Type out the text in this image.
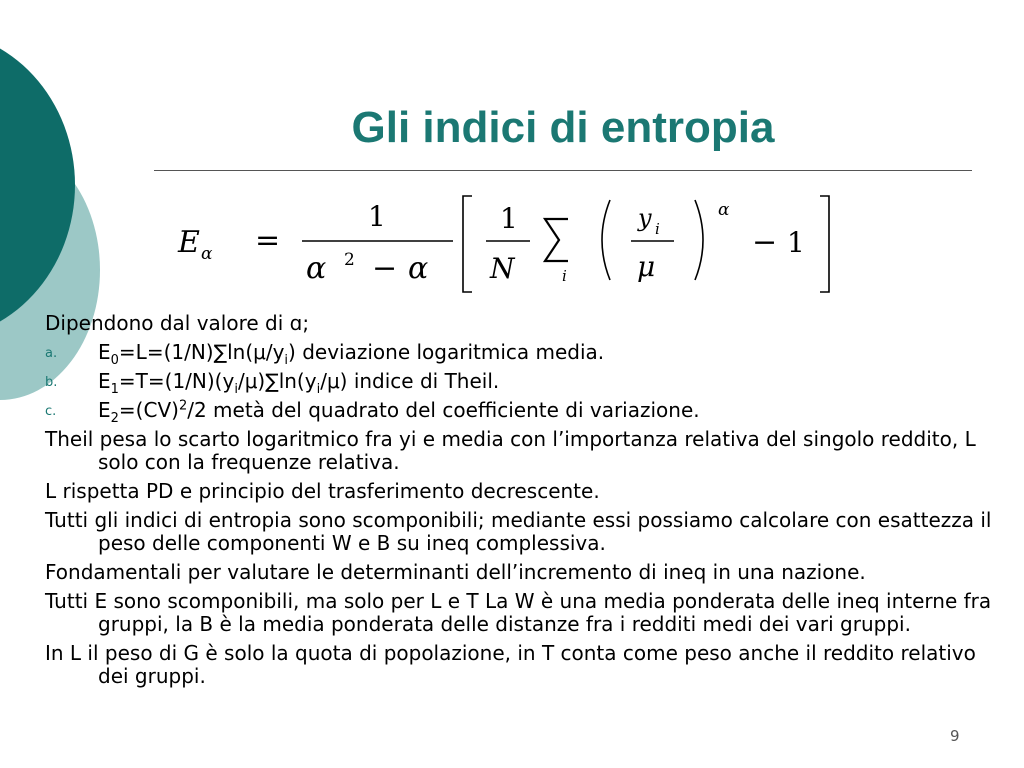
Gli indici di entropia
E α =
1
α 2 − α
1
N	i
y i
μ
α
− 1
Dipendono dal valore di ɑ;
a. $E_0=L=(1/N)\sum\ln(\mu/y_i)$ deviazione logaritmica media.
b. $E_1=T=(1/N)(y_i/\mu)\sum\ln(y_i/\mu)$ indice di Theil.
c. $E_2=(CV)^2/2$ metà del quadrato del coefficiente di variazione.
Theil pesa lo scarto logaritmico fra yi e media con l’importanza relativa del singolo reddito, L solo con la frequenze relativa.
L rispetta PD e principio del trasferimento decrescente.
Tutti gli indici di entropia sono scomponibili; mediante essi possiamo calcolare con esattezza il peso delle componenti W e B su ineq complessiva.
Fondamentali per valutare le determinanti dell’incremento di ineq in una nazione.
Tutti E sono scomponibili, ma solo per L e T La W è una media ponderata delle ineq interne fra gruppi, la B è la media ponderata delle distanze fra i redditi medi dei vari gruppi.
In L il peso di G è solo la quota di popolazione, in T conta come peso anche il reddito relativo dei gruppi.
9
